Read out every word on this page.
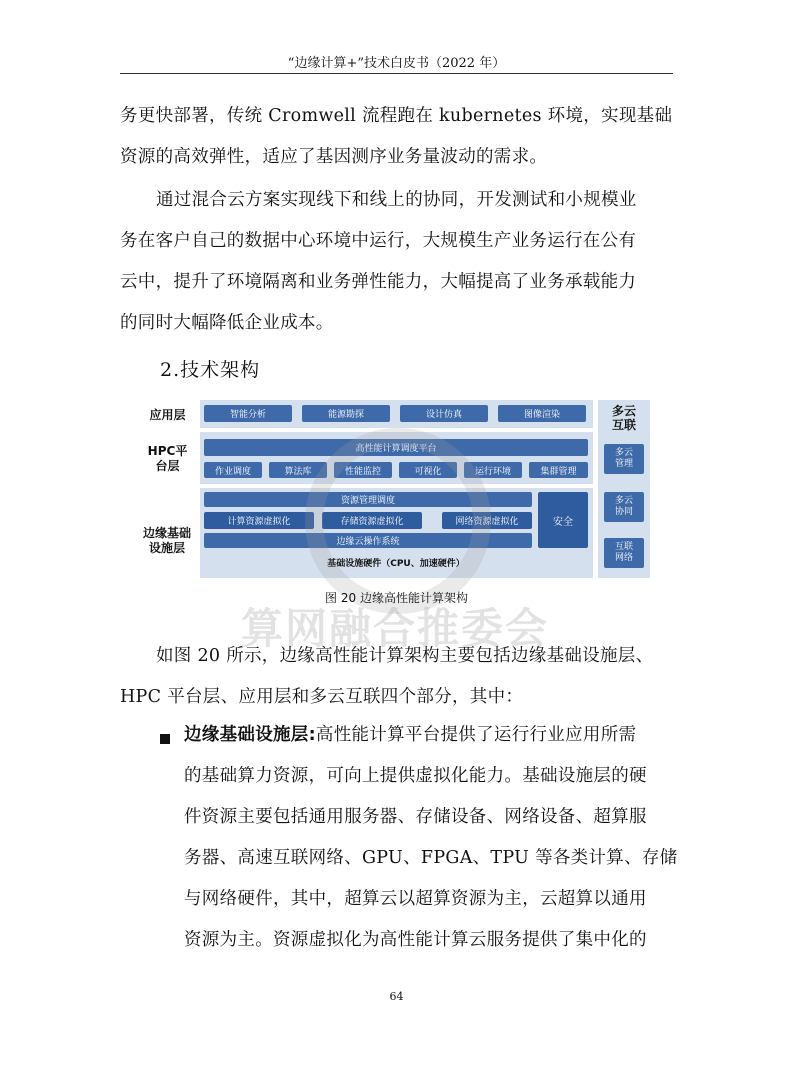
“边缘计算+”技术白皮书（2022 年）
务更快部署，传统 Cromwell 流程跑在 kubernetes 环境，实现基础
资源的高效弹性，适应了基因测序业务量波动的需求。
通过混合云方案实现线下和线上的协同，开发测试和小规模业
务在客户自己的数据中心环境中运行，大规模生产业务运行在公有
云中，提升了环境隔离和业务弹性能力，大幅提高了业务承载能力
的同时大幅降低企业成本。
2.技术架构
应用层
HPC平
台层
边缘基础
设施层
智能分析	能源勘探	设计仿真	图像渲染
高性能计算调度平台
作业调度	算法库	性能监控	可视化	运行环境	集群管理
资源管理调度
计算资源虚拟化	存储资源虚拟化	网络资源虚拟化
边缘云操作系统
安全
基础设施硬件（CPU、加速硬件）
多云
互联
多云
管理
多云
协同
互联
网络
图 20 边缘高性能计算架构
算网融合推委会
如图 20 所示，边缘高性能计算架构主要包括边缘基础设施层、
HPC 平台层、应用层和多云互联四个部分，其中：
边缘基础设施层:高性能计算平台提供了运行行业应用所需
的基础算力资源，可向上提供虚拟化能力。基础设施层的硬
件资源主要包括通用服务器、存储设备、网络设备、超算服
务器、高速互联网络、GPU、FPGA、TPU 等各类计算、存储
与网络硬件，其中，超算云以超算资源为主，云超算以通用
资源为主。资源虚拟化为高性能计算云服务提供了集中化的
64
